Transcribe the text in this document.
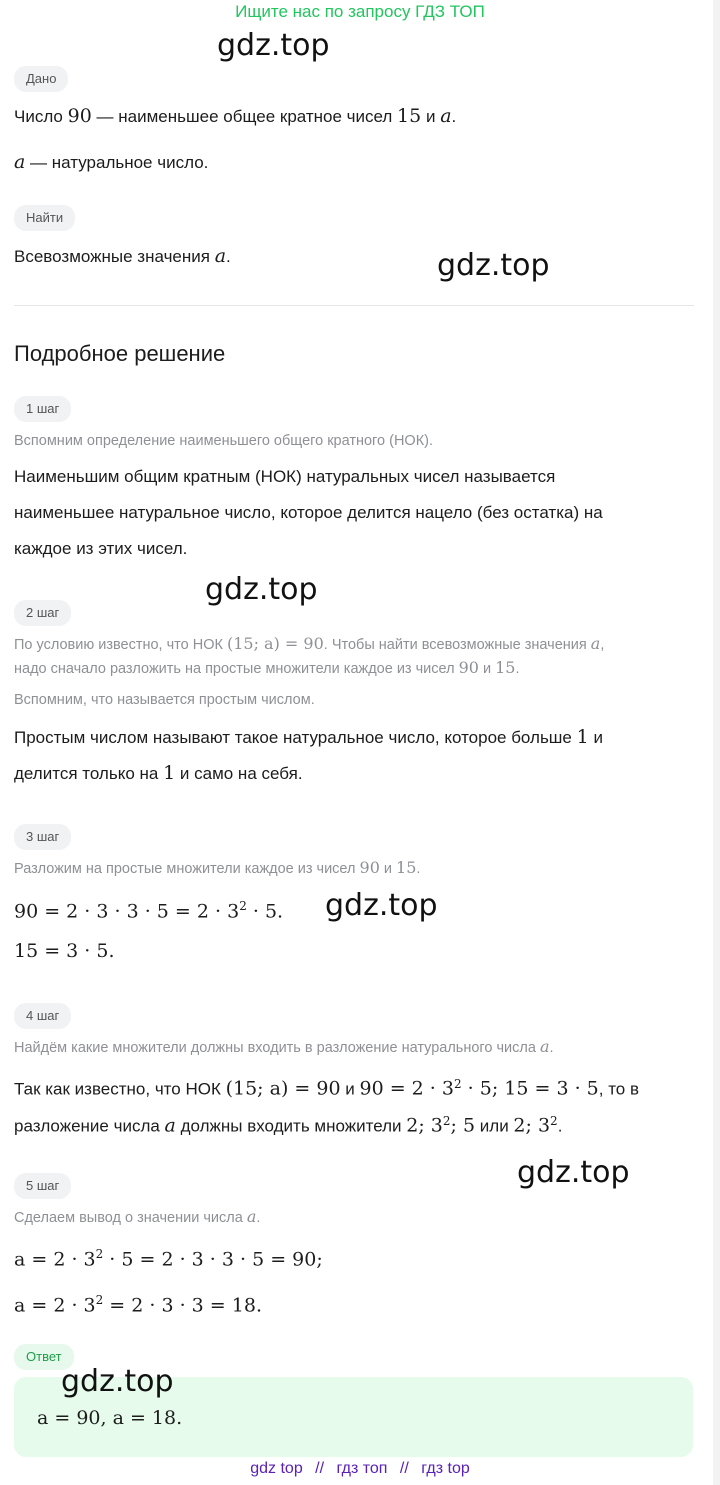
Ищите нас по запросу ГДЗ ТОП
gdz.top
gdz.top
gdz.top
gdz.top
gdz.top
Дано
Число 90 — наименьшее общее кратное чисел 15 и a.
a — натуральное число.
Найти
Всевозможные значения a.
Подробное решение
1 шаг
Вспомним определение наименьшего общего кратного (НОК).
Наименьшим общим кратным (НОК) натуральных чисел называется
наименьшее натуральное число, которое делится нацело (без остатка) на
каждое из этих чисел.
2 шаг
По условию известно, что НОК (15; a) = 90. Чтобы найти всевозможные значения a,
надо сначало разложить на простые множители каждое из чисел 90 и 15.
Вспомним, что называется простым числом.
Простым числом называют такое натуральное число, которое больше 1 и
делится только на 1 и само на себя.
3 шаг
Разложим на простые множители каждое из чисел 90 и 15.
$90 = 2 \cdot 3 \cdot 3 \cdot 5 = 2 \cdot 3^2 \cdot 5$.
15 = 3 · 5.
4 шаг
Найдём какие множители должны входить в разложение натурального числа a.
Так как известно, что НОК (15; a) = 90 и $90 = 2 \cdot 3^2 \cdot 5$; 15 = 3 · 5, то в
разложение числа a должны входить множители 2; $3^2$; 5 или 2; $3^2$.
5 шаг
Сделаем вывод о значении числа a.
$a = 2 \cdot 3^2 \cdot 5 = 2 \cdot 3 \cdot 3 \cdot 5 = 90$;
$a = 2 \cdot 3^2 = 2 \cdot 3 \cdot 3 = 18$.
Ответ
a = 90, a = 18.
gdz.top
gdz top // гдз топ // гдз top
